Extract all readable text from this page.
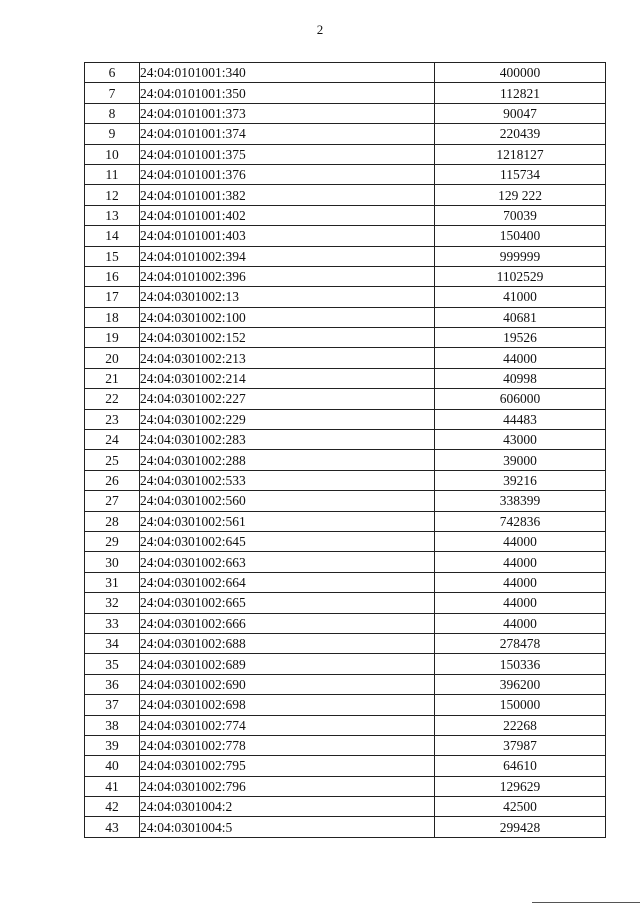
2
6	24:04:0101001:340	400000
7	24:04:0101001:350	112821
8	24:04:0101001:373	90047
9	24:04:0101001:374	220439
10	24:04:0101001:375	1218127
11	24:04:0101001:376	115734
12	24:04:0101001:382	129 222
13	24:04:0101001:402	70039
14	24:04:0101001:403	150400
15	24:04:0101002:394	999999
16	24:04:0101002:396	1102529
17	24:04:0301002:13	41000
18	24:04:0301002:100	40681
19	24:04:0301002:152	19526
20	24:04:0301002:213	44000
21	24:04:0301002:214	40998
22	24:04:0301002:227	606000
23	24:04:0301002:229	44483
24	24:04:0301002:283	43000
25	24:04:0301002:288	39000
26	24:04:0301002:533	39216
27	24:04:0301002:560	338399
28	24:04:0301002:561	742836
29	24:04:0301002:645	44000
30	24:04:0301002:663	44000
31	24:04:0301002:664	44000
32	24:04:0301002:665	44000
33	24:04:0301002:666	44000
34	24:04:0301002:688	278478
35	24:04:0301002:689	150336
36	24:04:0301002:690	396200
37	24:04:0301002:698	150000
38	24:04:0301002:774	22268
39	24:04:0301002:778	37987
40	24:04:0301002:795	64610
41	24:04:0301002:796	129629
42	24:04:0301004:2	42500
43	24:04:0301004:5	299428
